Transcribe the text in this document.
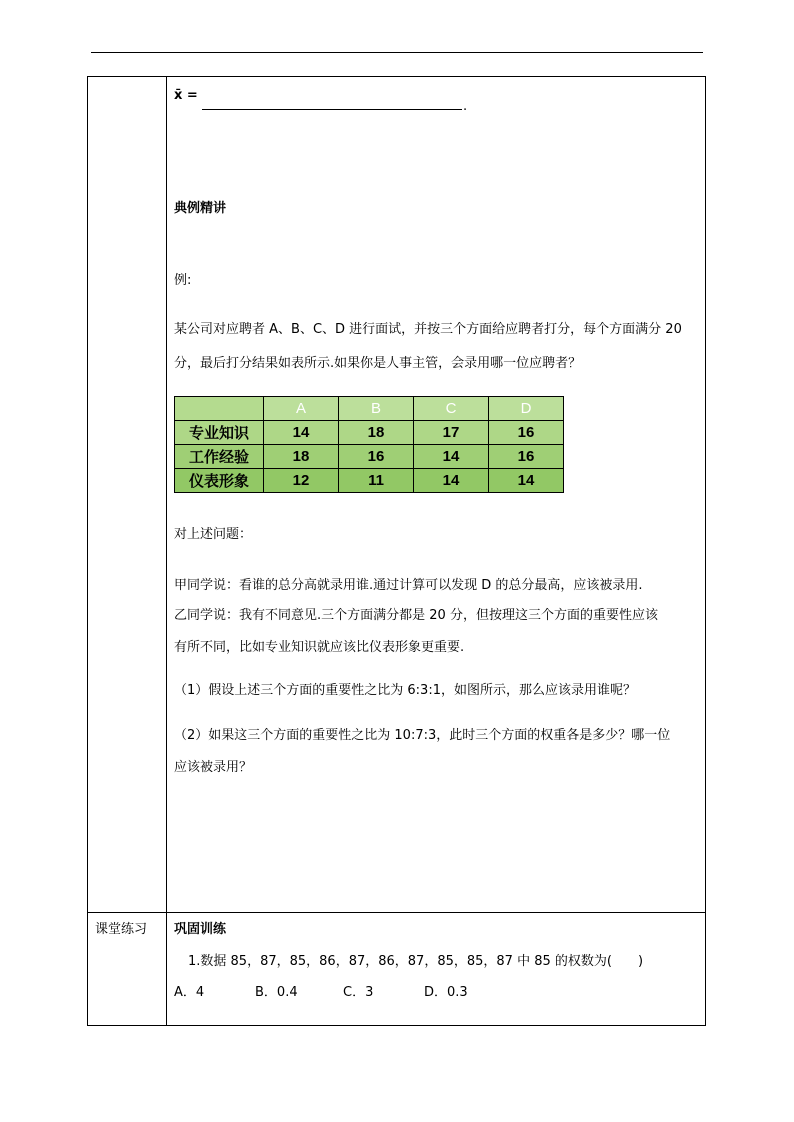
x̄ =
.
典例精讲
例:
某公司对应聘者 A、B、C、D 进行面试，并按三个方面给应聘者打分，每个方面满分 20
分，最后打分结果如表所示.如果你是人事主管，会录用哪一位应聘者？
	A	B	C	D
专业知识	14	18	17	16
工作经验	18	16	14	16
仪表形象	12	11	14	14
对上述问题：
甲同学说：看谁的总分高就录用谁.通过计算可以发现 D 的总分最高，应该被录用.
乙同学说：我有不同意见.三个方面满分都是 20 分，但按理这三个方面的重要性应该
有所不同，比如专业知识就应该比仪表形象更重要.
（1）假设上述三个方面的重要性之比为 6:3:1，如图所示，那么应该录用谁呢？
（2）如果这三个方面的重要性之比为 10:7:3，此时三个方面的权重各是多少？哪一位
应该被录用？
课堂练习 巩固训练
1.数据 85，87，85，86，87，86，87，85，85，87 中 85 的权数为(　　)
A．4	B．0.4	C．3	D．0.3
